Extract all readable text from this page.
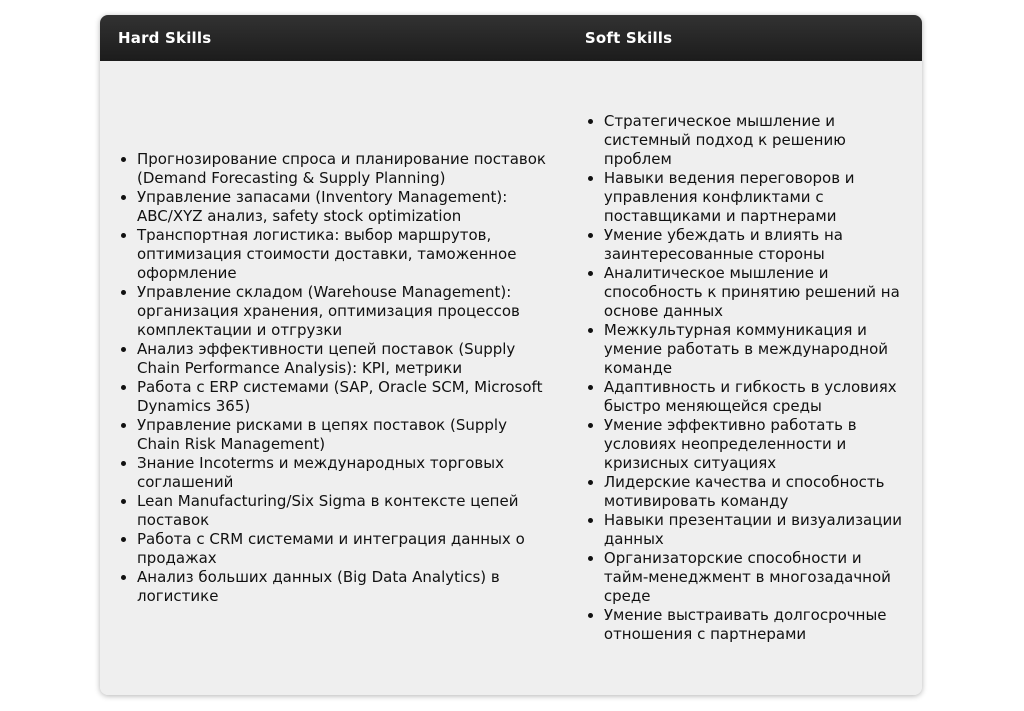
Hard Skills	Soft Skills
• Прогнозирование спроса и планирование поставок (Demand Forecasting & Supply Planning)
• Управление запасами (Inventory Management): ABC/XYZ анализ, safety stock optimization
• Транспортная логистика: выбор маршрутов, оптимизация стоимости доставки, таможенное оформление
• Управление складом (Warehouse Management): организация хранения, оптимизация процессов комплектации и отгрузки
• Анализ эффективности цепей поставок (Supply Chain Performance Analysis): KPI, метрики
• Работа с ERP системами (SAP, Oracle SCM, Microsoft Dynamics 365)
• Управление рисками в цепях поставок (Supply Chain Risk Management)
• Знание Incoterms и международных торговых соглашений
• Lean Manufacturing/Six Sigma в контексте цепей поставок
• Работа с CRM системами и интеграция данных о продажах
• Анализ больших данных (Big Data Analytics) в логистике
• Стратегическое мышление и системный подход к решению проблем
• Навыки ведения переговоров и управления конфликтами с поставщиками и партнерами
• Умение убеждать и влиять на заинтересованные стороны
• Аналитическое мышление и способность к принятию решений на основе данных
• Межкультурная коммуникация и умение работать в международной команде
• Адаптивность и гибкость в условиях быстро меняющейся среды
• Умение эффективно работать в условиях неопределенности и кризисных ситуациях
• Лидерские качества и способность мотивировать команду
• Навыки презентации и визуализации данных
• Организаторские способности и тайм-менеджмент в многозадачной среде
• Умение выстраивать долгосрочные отношения с партнерами
